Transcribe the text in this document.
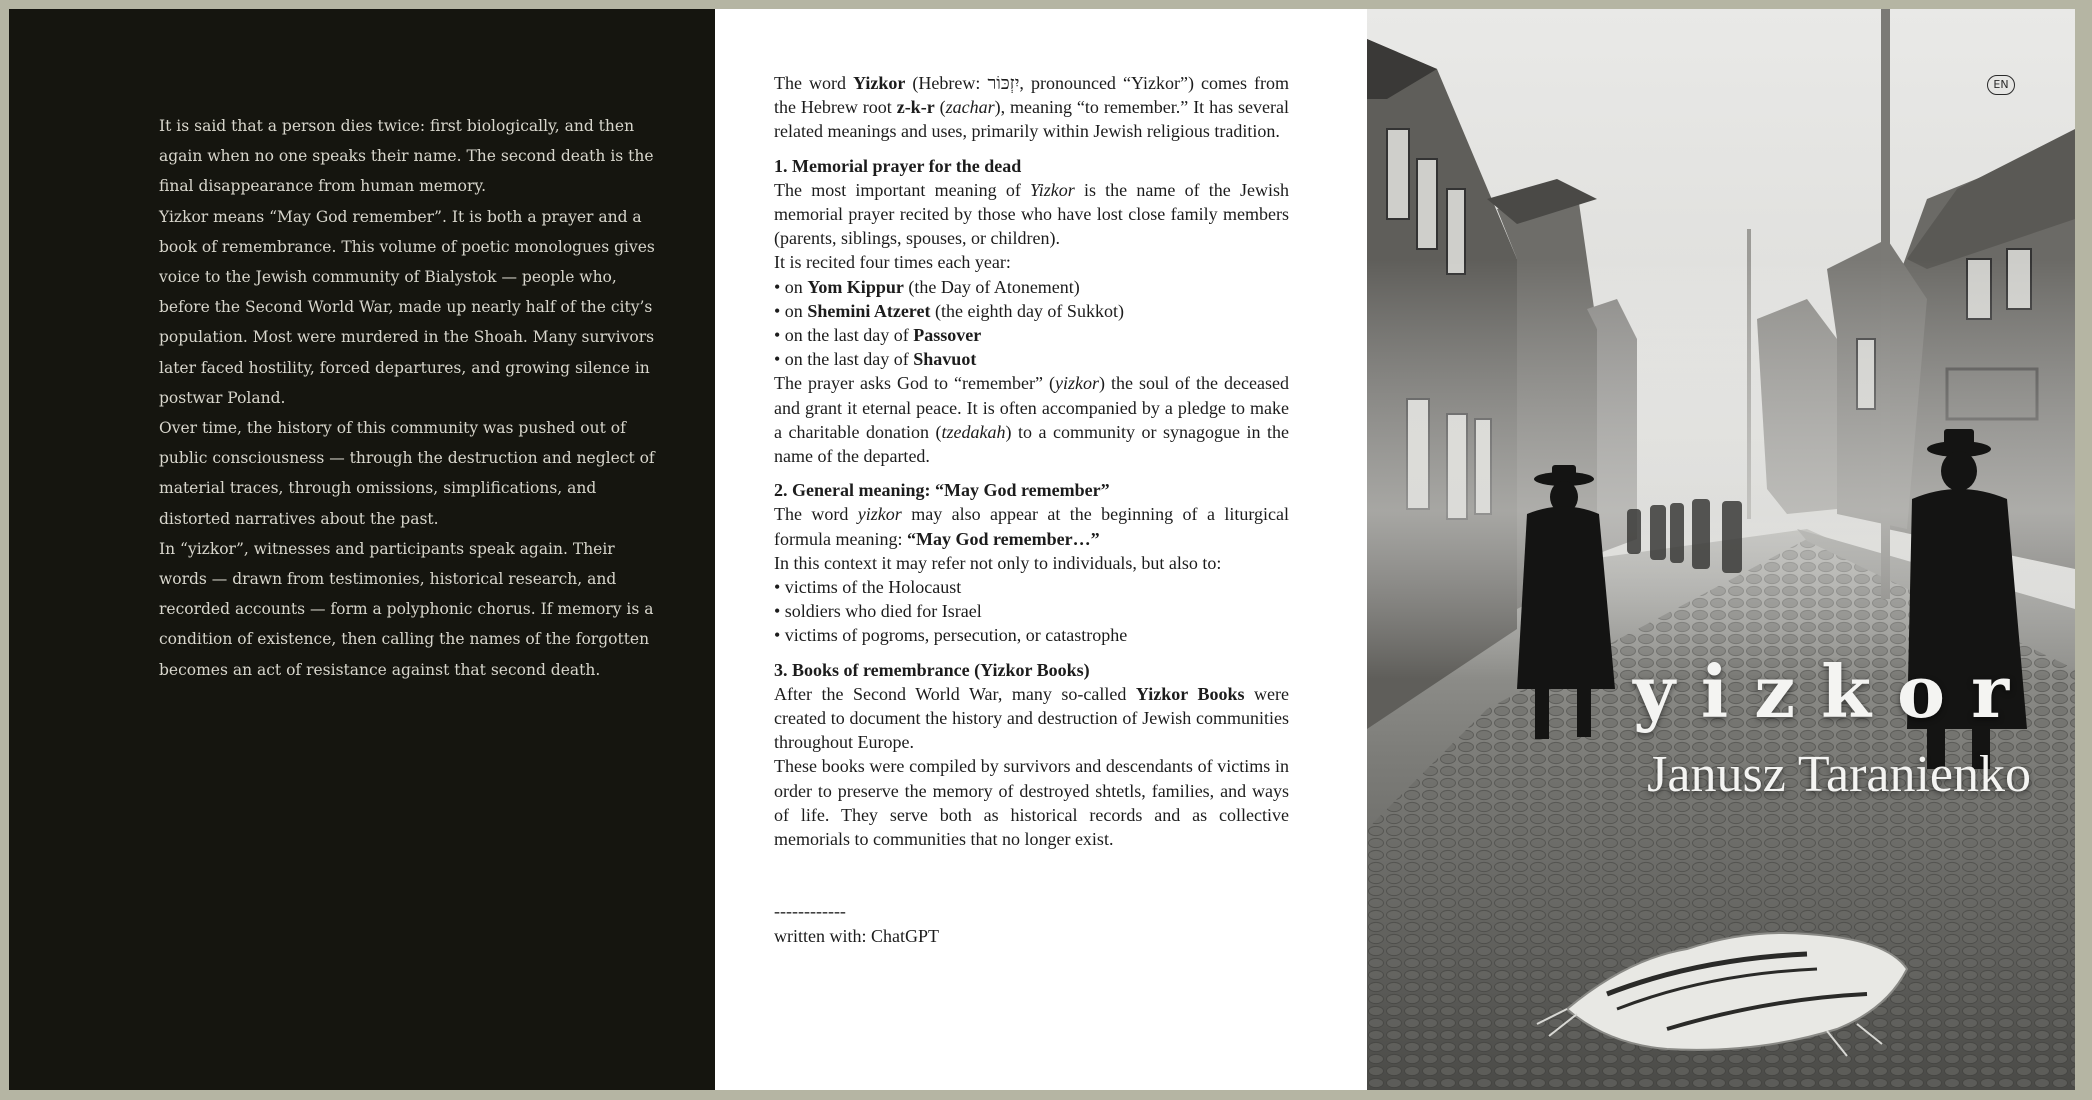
It is said that a person dies twice: first biologically, and then again when no one speaks their name. The second death is the final disappearance from human memory.

Yizkor means “May God remember”. It is both a prayer and a book of remembrance. This volume of poetic monologues gives voice to the Jewish community of Bialystok — people who, before the Second World War, made up nearly half of the city’s population. Most were murdered in the Shoah. Many survivors later faced hostility, forced departures, and growing silence in postwar Poland.

Over time, the history of this community was pushed out of public consciousness — through the destruction and neglect of material traces, through omissions, simplifications, and distorted narratives about the past.

In “yizkor”, witnesses and participants speak again. Their words — drawn from testimonies, historical research, and recorded accounts — form a polyphonic chorus. If memory is a condition of existence, then calling the names of the forgotten becomes an act of resistance against that second death.

The word Yizkor (Hebrew: יִזְכּוֹר, pronounced “Yizkor”) comes from the Hebrew root z-k-r (zachar), meaning “to remember.” It has several related meanings and uses, primarily within Jewish religious tradition.

1. Memorial prayer for the dead

The most important meaning of Yizkor is the name of the Jewish memorial prayer recited by those who have lost close family members (parents, siblings, spouses, or children).

It is recited four times each year:

• on Yom Kippur (the Day of Atonement)

• on Shemini Atzeret (the eighth day of Sukkot)

• on the last day of Passover

• on the last day of Shavuot

The prayer asks God to “remember” (yizkor) the soul of the deceased and grant it eternal peace. It is often accompanied by a pledge to make a charitable donation (tzedakah) to a community or synagogue in the name of the departed.

2. General meaning: “May God remember”

The word yizkor may also appear at the beginning of a liturgical formula meaning: “May God remember…”

In this context it may refer not only to individuals, but also to:

• victims of the Holocaust

• soldiers who died for Israel

• victims of pogroms, persecution, or catastrophe

3. Books of remembrance (Yizkor Books)

After the Second World War, many so-called Yizkor Books were created to document the history and destruction of Jewish communities throughout Europe.

These books were compiled by survivors and descendants of victims in order to preserve the memory of destroyed shtetls, families, and ways of life. They serve both as historical records and as collective memorials to communities that no longer exist.

------------

written with: ChatGPT

EN
yizkor
Janusz Taranienko
